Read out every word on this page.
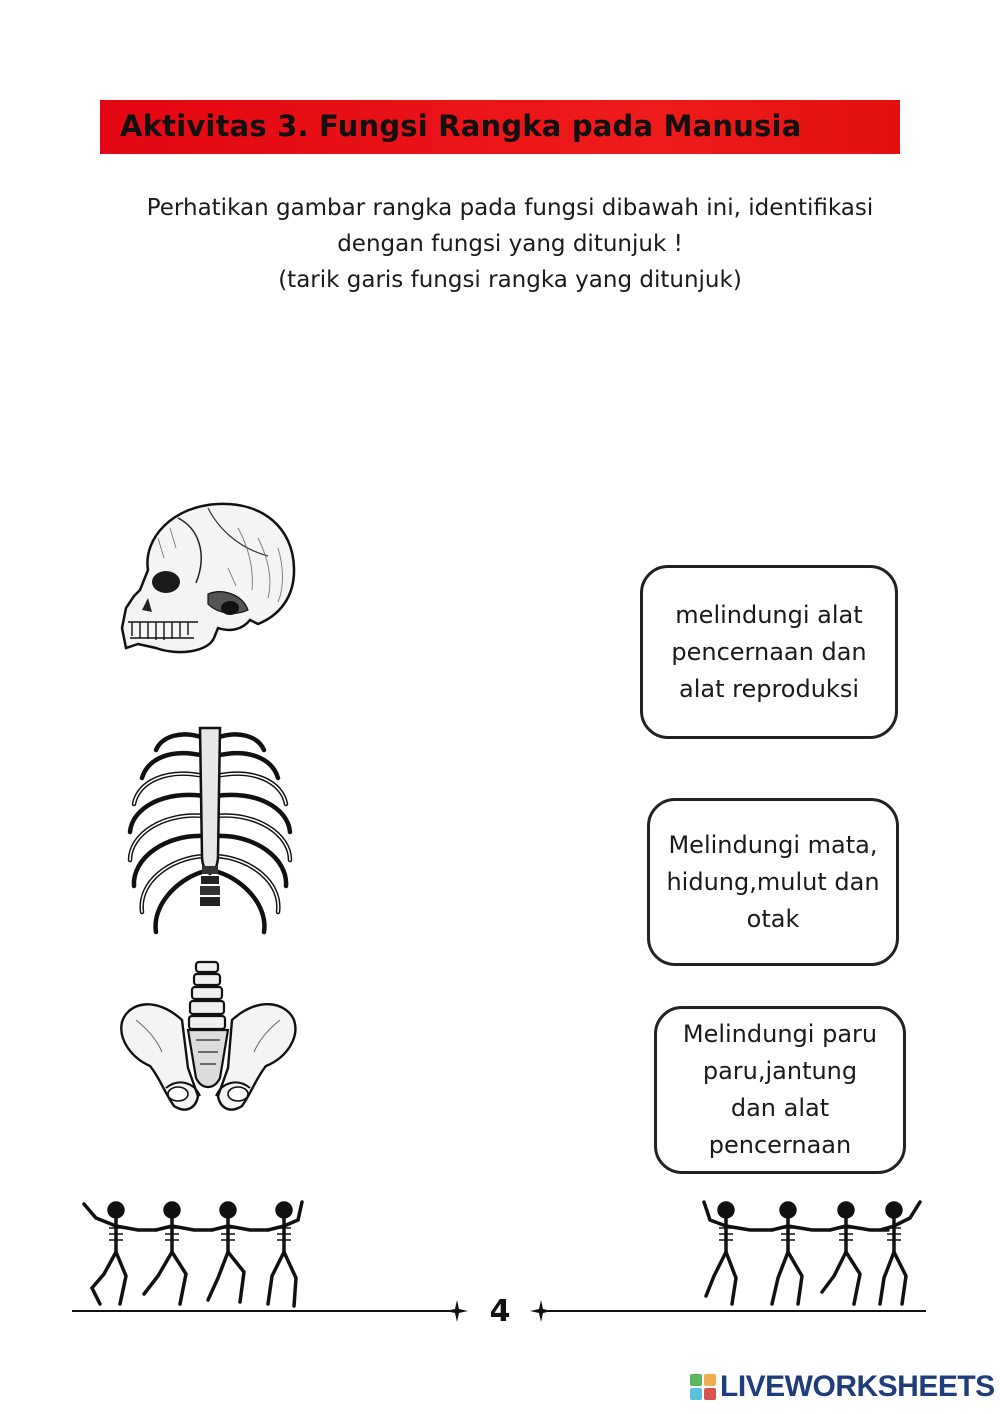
Aktivitas 3. Fungsi Rangka pada Manusia
Perhatikan gambar rangka pada fungsi dibawah ini, identifikasi
dengan fungsi yang ditunjuk !
(tarik garis fungsi rangka yang ditunjuk)
melindungi alat
pencernaan dan
alat reproduksi
Melindungi mata,
hidung,mulut dan
otak
Melindungi paru
paru,jantung
dan alat
pencernaan
4
LIVEWORKSHEETS
